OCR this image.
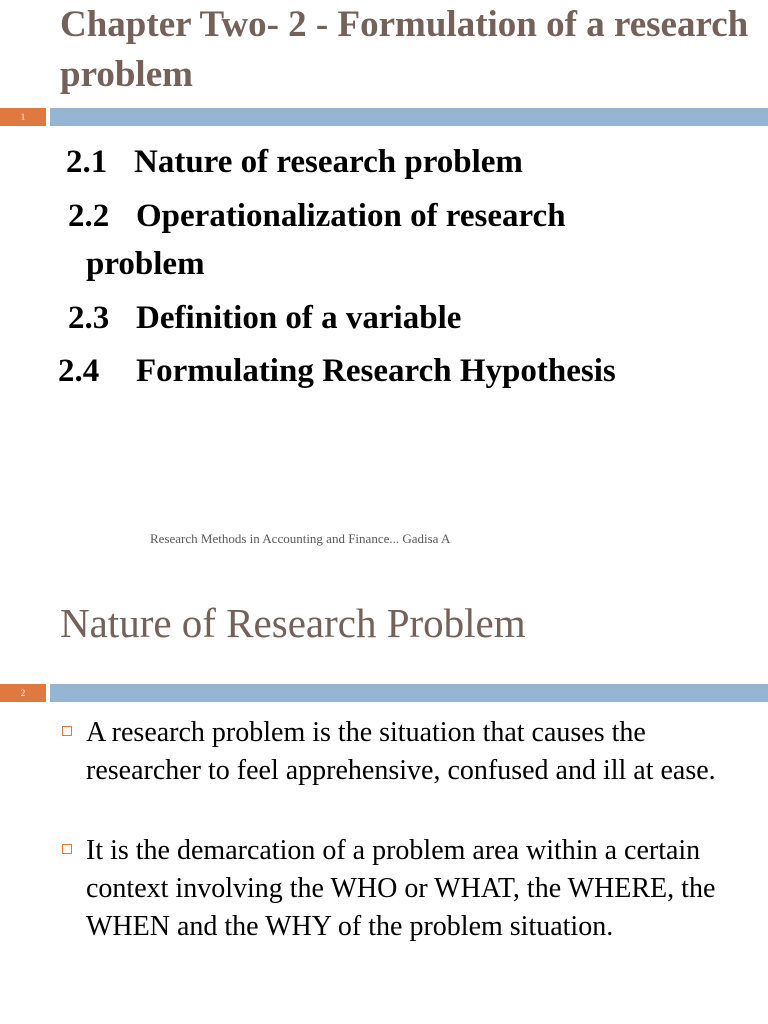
Chapter Two- 2 - Formulation of a research problem
1
2.1 Nature of research problem
2.2 Operationalization of research
problem
2.3 Definition of a variable
2.4 Formulating Research Hypothesis
Research Methods in Accounting and Finance... Gadisa A
Nature of Research Problem
2
A research problem is the situation that causes the researcher to feel apprehensive, confused and ill at ease.
It is the demarcation of a problem area within a certain context involving the WHO or WHAT, the WHERE, the WHEN and the WHY of the problem situation.
